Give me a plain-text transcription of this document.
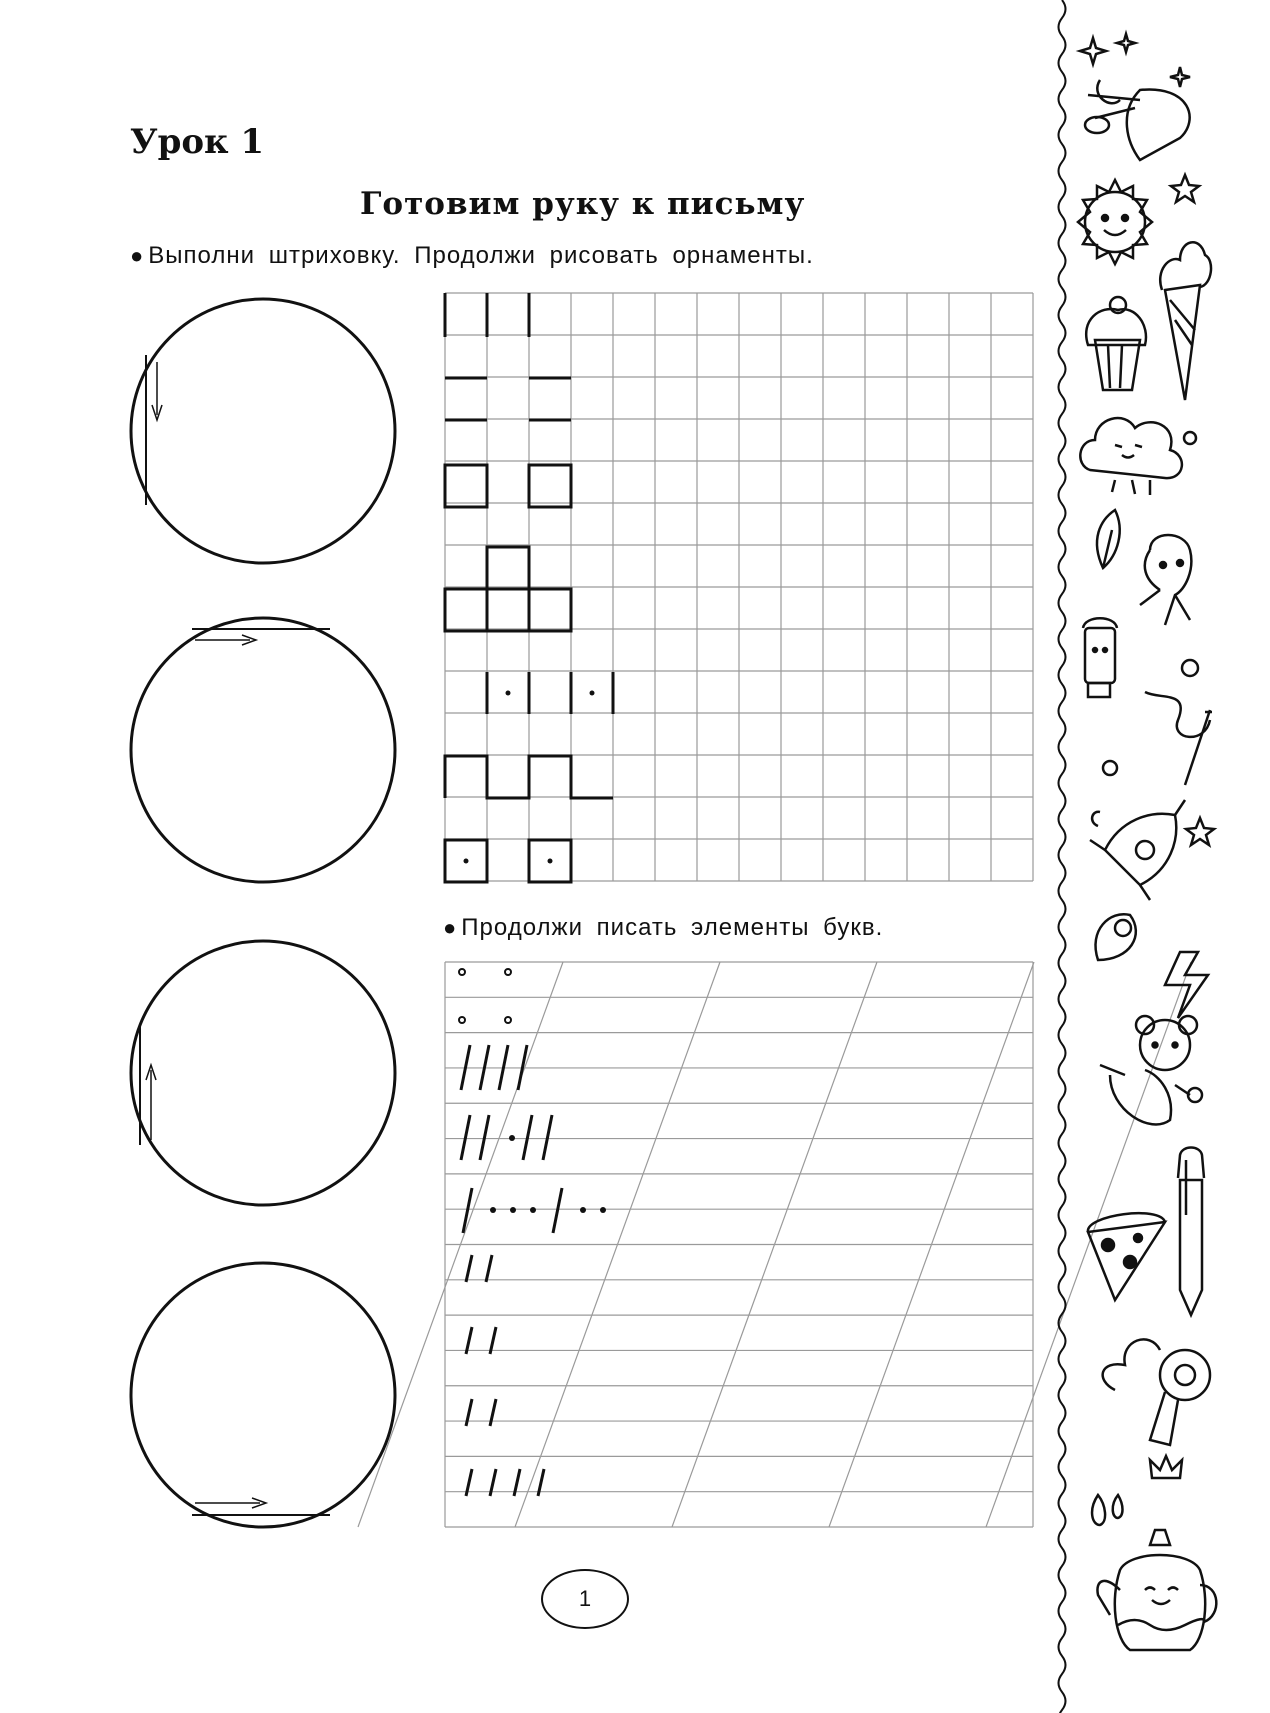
Урок 1
Готовим руку к письму

● Выполни штриховку. Продолжи рисовать орнаменты.

● Продолжи писать элементы букв.

1
